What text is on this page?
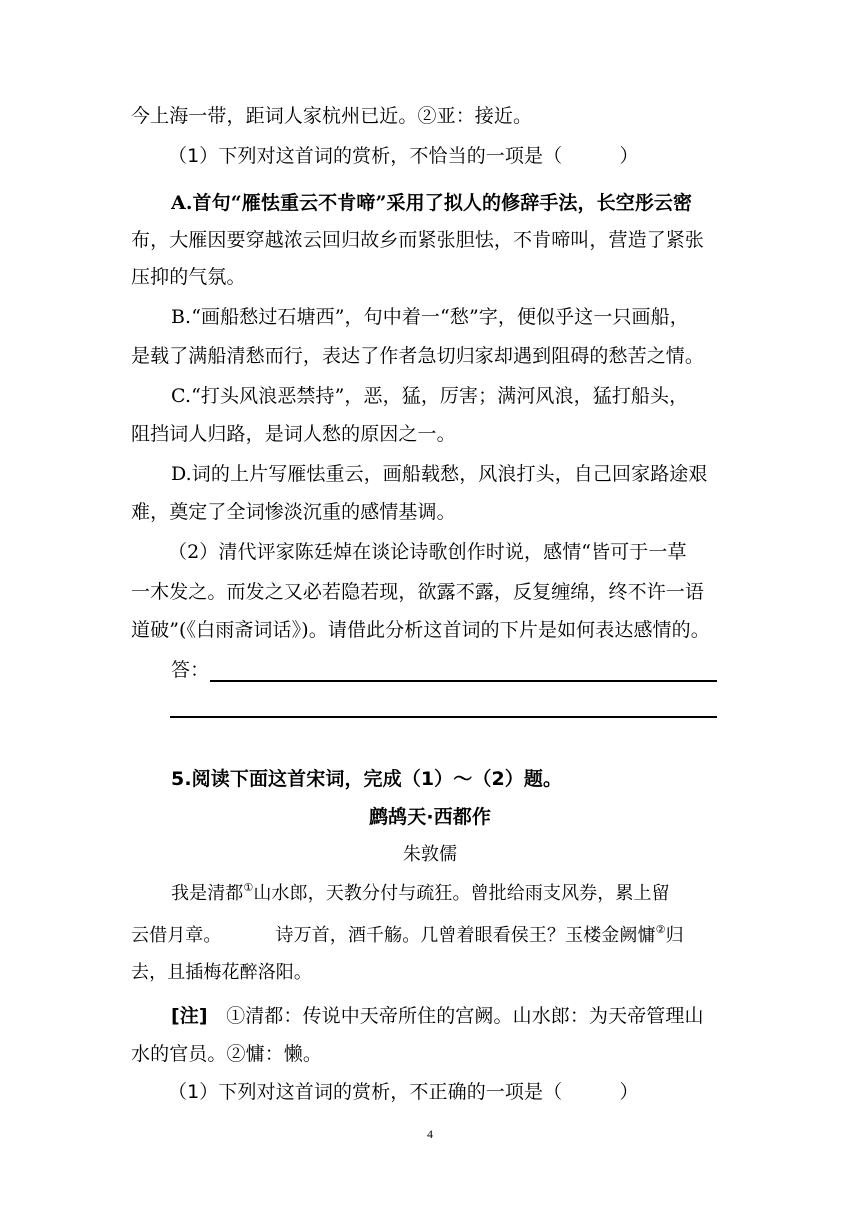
今上海一带，距词人家杭州已近。②亚：接近。
（1）下列对这首词的赏析，不恰当的一项是（　　　）
A.首句“雁怯重云不肯啼”采用了拟人的修辞手法，长空彤云密
布，大雁因要穿越浓云回归故乡而紧张胆怯，不肯啼叫，营造了紧张
压抑的气氛。
B.“画船愁过石塘西”，句中着一“愁”字，便似乎这一只画船，
是载了满船清愁而行，表达了作者急切归家却遇到阻碍的愁苦之情。
C.“打头风浪恶禁持”，恶，猛，厉害；满河风浪，猛打船头，
阻挡词人归路，是词人愁的原因之一。
D.词的上片写雁怯重云，画船载愁，风浪打头，自己回家路途艰
难，奠定了全词惨淡沉重的感情基调。
（2）清代评家陈廷焯在谈论诗歌创作时说，感情“皆可于一草
一木发之。而发之又必若隐若现，欲露不露，反复缠绵，终不许一语
道破”(《白雨斋词话》)。请借此分析这首词的下片是如何表达感情的。
答：
5.阅读下面这首宋词，完成（1）～（2）题。
鹧鸪天·西都作
朱敦儒
我是清都①山水郎，天教分付与疏狂。曾批给雨支风券，累上留
云借月章。	诗万首，酒千觞。几曾着眼看侯王？玉楼金阙慵②归
去，且插梅花醉洛阳。
[注] ①清都：传说中天帝所住的宫阙。山水郎：为天帝管理山
水的官员。②慵：懒。
（1）下列对这首词的赏析，不正确的一项是（　　　）
4
